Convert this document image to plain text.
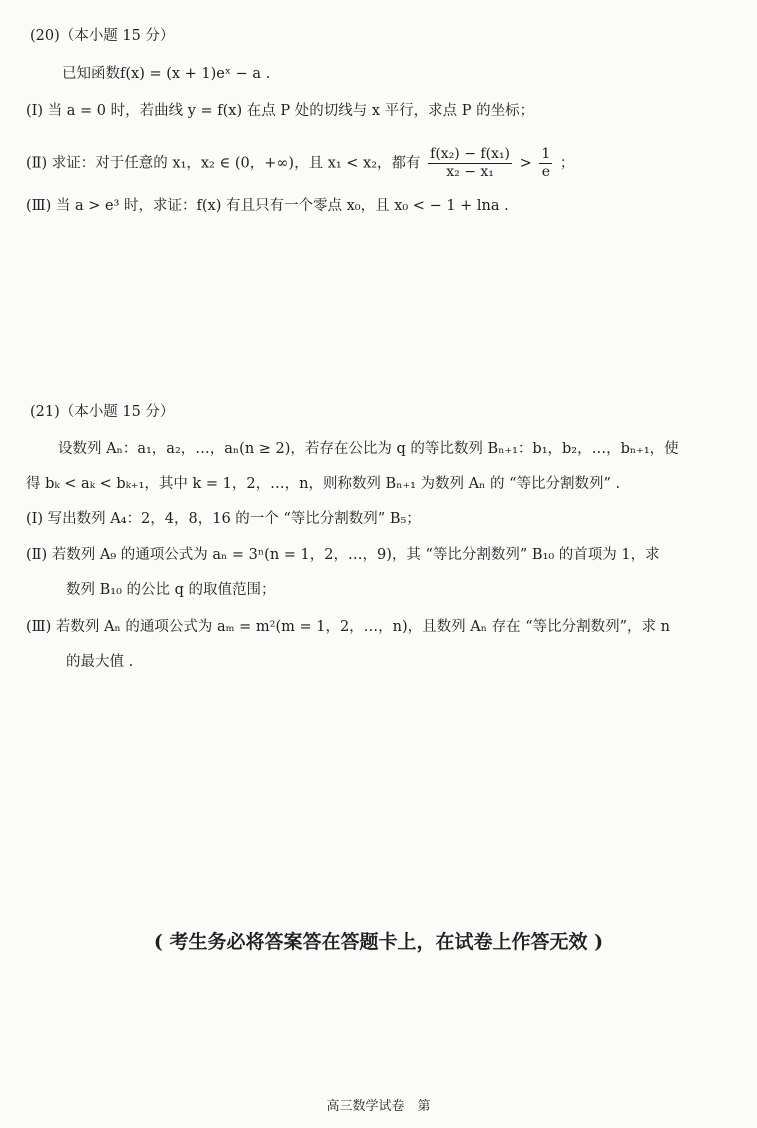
(20)（本小题 15 分）
已知函数f(x) = (x + 1)eˣ − a .
(Ⅰ) 当 a = 0 时，若曲线 y = f(x) 在点 P 处的切线与 x 平行，求点 P 的坐标；
(Ⅱ) 求证：对于任意的 x₁，x₂ ∈ (0，+∞)，且 x₁ < x₂，都有 $\frac{\text{f(x₂) − f(x₁)}}{\text{x₂ − x₁}} > \frac{1}{e}$ ；
(Ⅲ) 当 a > e³ 时，求证：f(x) 有且只有一个零点 x₀，且 x₀ < − 1 + lna .
(21)（本小题 15 分）
设数列 Aₙ：a₁，a₂，…，aₙ(n ≥ 2)，若存在公比为 q 的等比数列 Bₙ₊₁：b₁，b₂，…，bₙ₊₁，使
得 bₖ < aₖ < bₖ₊₁，其中 k = 1，2，…，n，则称数列 Bₙ₊₁ 为数列 Aₙ 的 “等比分割数列” .
(Ⅰ) 写出数列 A₄：2，4，8，16 的一个 “等比分割数列” B₅；
(Ⅱ) 若数列 A₉ 的通项公式为 aₙ = 3ⁿ(n = 1，2，…，9)，其 “等比分割数列” B₁₀ 的首项为 1，求
数列 B₁₀ 的公比 q 的取值范围；
(Ⅲ) 若数列 Aₙ 的通项公式为 aₘ = m²(m = 1，2，…，n)，且数列 Aₙ 存在 “等比分割数列”，求 n
的最大值 .
( 考生务必将答案答在答题卡上，在试卷上作答无效 )
高三数学试卷　第
